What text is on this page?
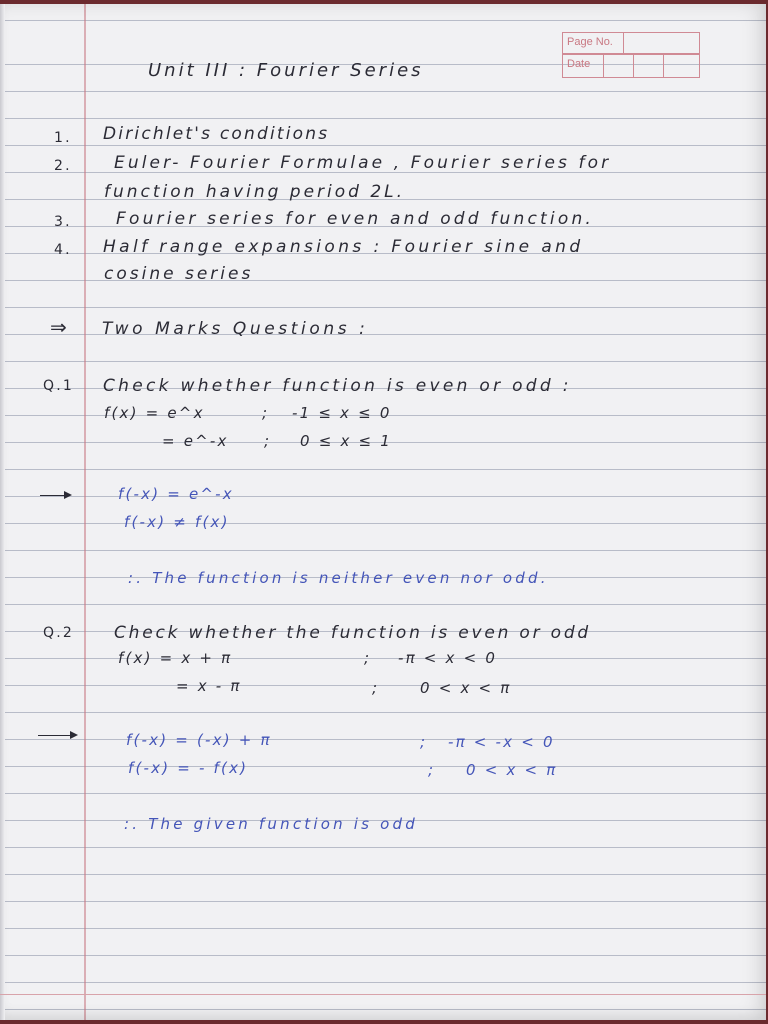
Page No.
Date
Unit III : Fourier Series
1. Dirichlet's conditions
2. Euler- Fourier Formulae , Fourier series for
function having period 2L.
3.	Fourier series for even and odd function.
4. Half range expansions : Fourier sine and
cosine series
⇒ Two Marks Questions :
Q.1 Check whether function is even or odd :
f(x) = e^x	; -1 ≤ x ≤ 0
= e^-x ; 0 ≤ x ≤ 1
f(-x) = e^-x
f(-x) ≠ f(x)
:. The function is neither even nor odd.
Q.2 Check whether the function is even or odd
f(x) = x + π	; -π < x < 0
= x - π	;	0 < x < π
f(-x) = (-x) + π	; -π < -x < 0
f(-x) = - f(x)	; 0 < x < π
:. The given function is odd
